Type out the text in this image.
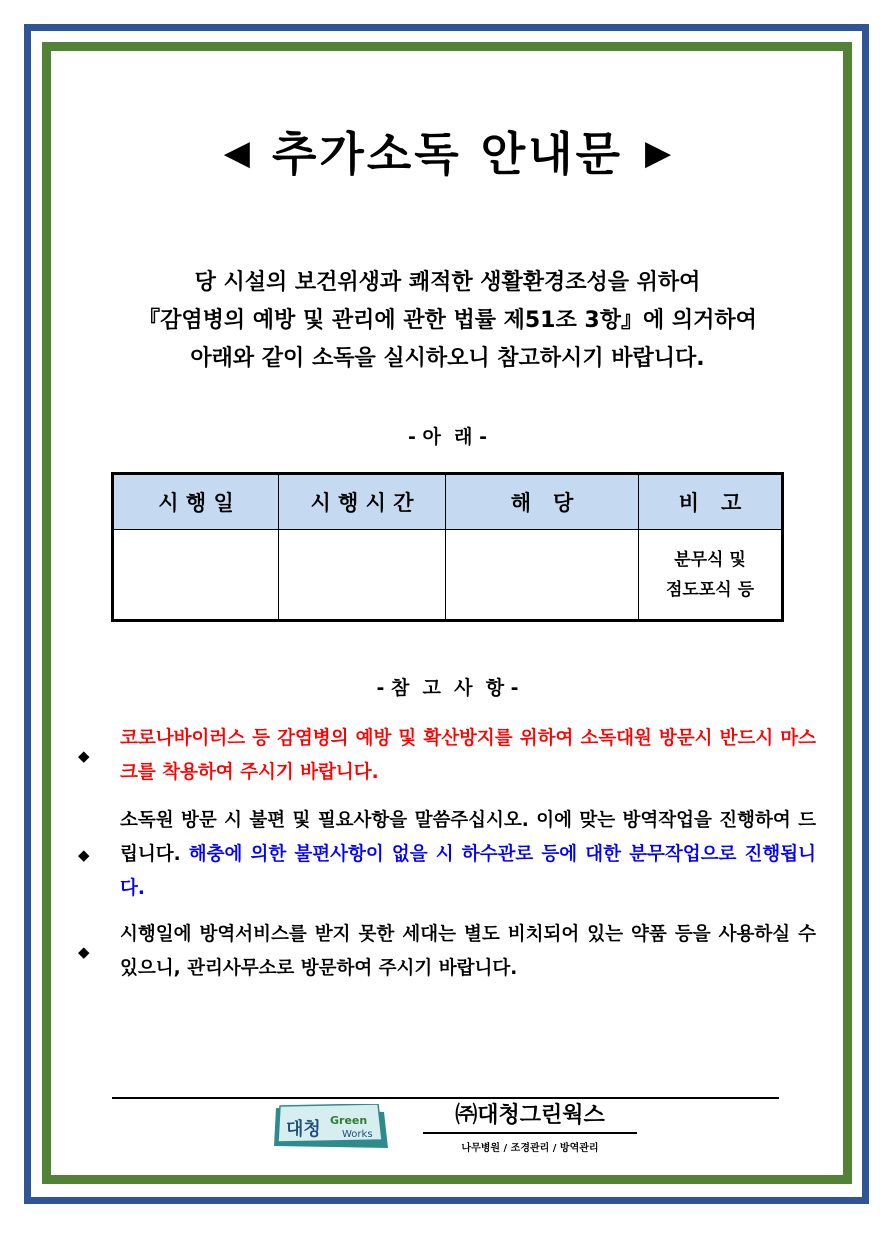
◀ 추가소독 안내문 ▶
당 시설의 보건위생과 쾌적한 생활환경조성을 위하여
『감염병의 예방 및 관리에 관한 법률 제51조 3항』에 의거하여
아래와 같이 소독을 실시하오니 참고하시기 바랍니다.
- 아  래 -
시 행 일	시 행 시 간	해   당	비   고

			분무식 및
점도포식 등
- 참  고  사  항 -
◆
코로나바이러스 등 감염병의 예방 및 확산방지를 위하여 소독대원 방문시 반드시 마스크를 착용하여 주시기 바랍니다.
◆
소독원 방문 시 불편 및 필요사항을 말씀주십시오. 이에 맞는 방역작업을 진행하여 드립니다. 해충에 의한 불편사항이 없을 시 하수관로 등에 대한 분무작업으로 진행됩니다.
◆
시행일에 방역서비스를 받지 못한 세대는 별도 비치되어 있는 약품 등을 사용하실 수 있으니, 관리사무소로 방문하여 주시기 바랍니다.
대청 Green
Works
㈜대청그린웍스
나무병원 / 조경관리 / 방역관리
